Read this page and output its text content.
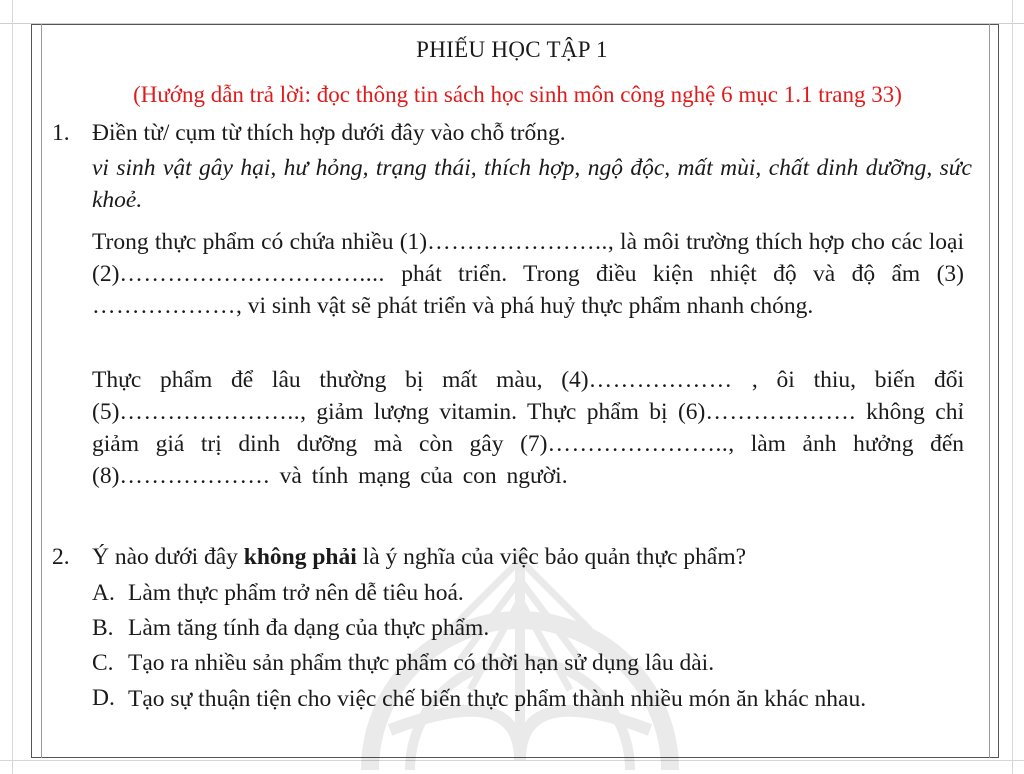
PHIẾU HỌC TẬP 1
(Hướng dẫn trả lời: đọc thông tin sách học sinh môn công nghệ 6 mục 1.1 trang 33)
1. Điền từ/ cụm từ thích hợp dưới đây vào chỗ trống.
vi sinh vật gây hại, hư hỏng, trạng thái, thích hợp, ngộ độc, mất mùi, chất dinh dưỡng, sức khoẻ.
Trong thực phẩm có chứa nhiều (1)………………….., là môi trường thích hợp cho các loại (2)………………………….... phát triển. Trong điều kiện nhiệt độ và độ ẩm (3) ………………, vi sinh vật sẽ phát triển và phá huỷ thực phẩm nhanh chóng.
Thực phẩm để lâu thường bị mất màu, (4)……………… , ôi thiu, biến đổi (5)………………….., giảm lượng vitamin. Thực phẩm bị (6)………………. không chỉ giảm giá trị dinh dưỡng mà còn gây (7)………………….., làm ảnh hưởng đến (8)………………. và tính mạng của con người.
2. Ý nào dưới đây không phải là ý nghĩa của việc bảo quản thực phẩm?
A. Làm thực phẩm trở nên dễ tiêu hoá.
B. Làm tăng tính đa dạng của thực phẩm.
C. Tạo ra nhiều sản phẩm thực phẩm có thời hạn sử dụng lâu dài.
D. Tạo sự thuận tiện cho việc chế biến thực phẩm thành nhiều món ăn khác nhau.
